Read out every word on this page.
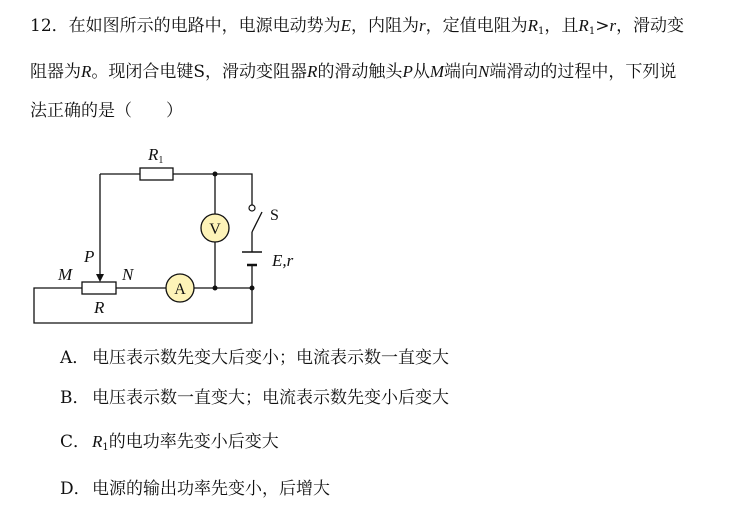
12．在如图所示的电路中，电源电动势为E，内阻为r，定值电阻为$R_1$，且$R_1>r$，滑动变
阻器为R。现闭合电键S，滑动变阻器R的滑动触头P从M端向N端滑动的过程中，下列说
法正确的是（　　）
R1
V
A
S
E,r
P
M	N
R
A． 电压表示数先变大后变小；电流表示数一直变大
B． 电压表示数一直变大；电流表示数先变小后变大
C． $R_1$的电功率先变小后变大
D．电源的输出功率先变小，后增大
